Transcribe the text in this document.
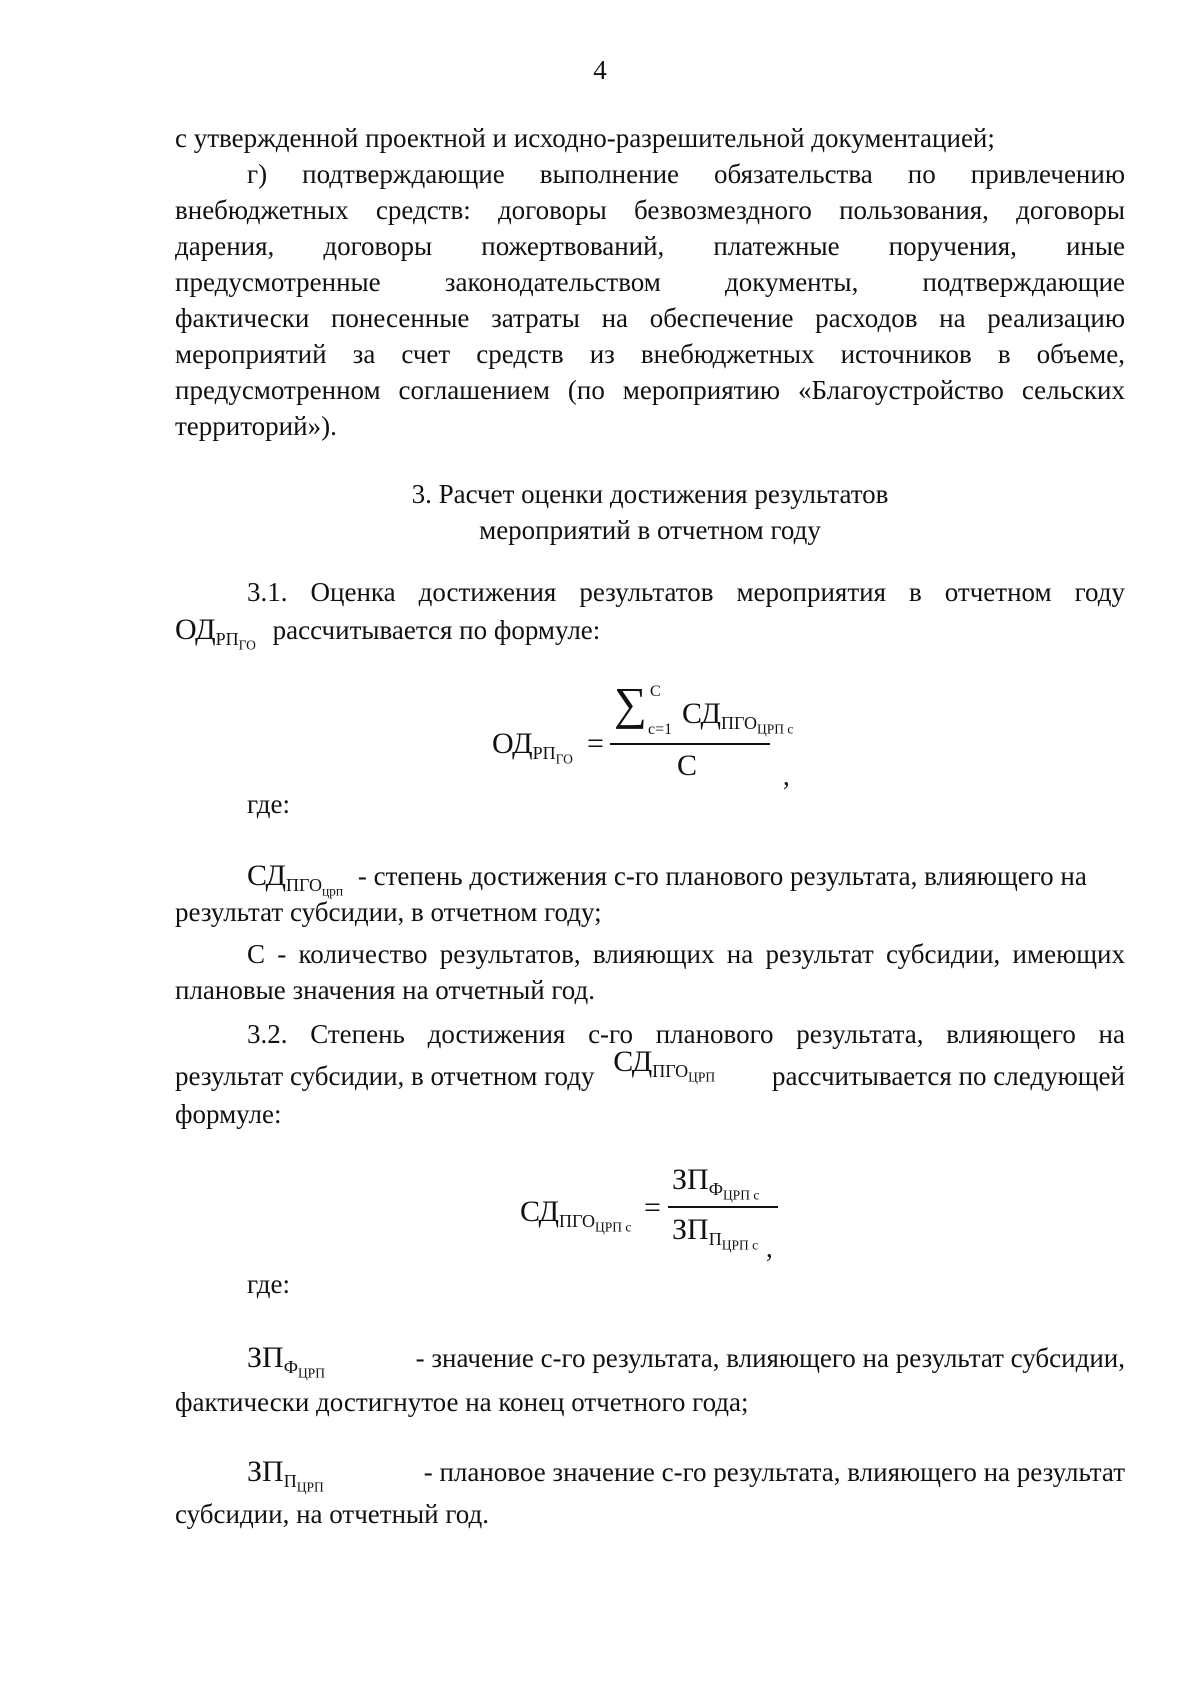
4
с утвержденной проектной и исходно-разрешительной документацией;
г) подтверждающие выполнение обязательства по привлечению
внебюджетных средств: договоры безвозмездного пользования, договоры
дарения, договоры пожертвований, платежные поручения, иные
предусмотренные законодательством документы, подтверждающие
фактически понесенные затраты на обеспечение расходов на реализацию
мероприятий за счет средств из внебюджетных источников в объеме,
предусмотренном соглашением (по мероприятию «Благоустройство сельских
территорий»).
3. Расчет оценки достижения результатов
мероприятий в отчетном году
3.1. Оценка достижения результатов мероприятия в отчетном году
$ОД_{РП_{ГО}}$ рассчитывается по формуле:
$ОД_{РП_{ГО}}$ =
∑ C
c=1 $СД_{ПГО_{ЦРП c}}$
С	,
где:
$СД_{ПГО_{црп}}$ - степень достижения с-го планового результата, влияющего на
результат субсидии, в отчетном году;
С - количество результатов, влияющих на результат субсидии, имеющих
плановые значения на отчетный год.
3.2. Степень достижения с-го планового результата, влияющего на
результат субсидии, в отчетном году $СД_{ПГО_{ЦРП}}$ рассчитывается по следующей
формуле:
$СД_{ПГО_{ЦРП c}}$
=
$ЗП_{Ф_{ЦРП c}}$
$ЗП_{П_{ЦРП c}}$ ,
где:
$ЗП_{Ф_{ЦРП}}$
- значение с-го результата, влияющего на результат субсидии,
фактически достигнутое на конец отчетного года;
$ЗП_{П_{ЦРП}}$
- плановое значение с-го результата, влияющего на результат
субсидии, на отчетный год.
